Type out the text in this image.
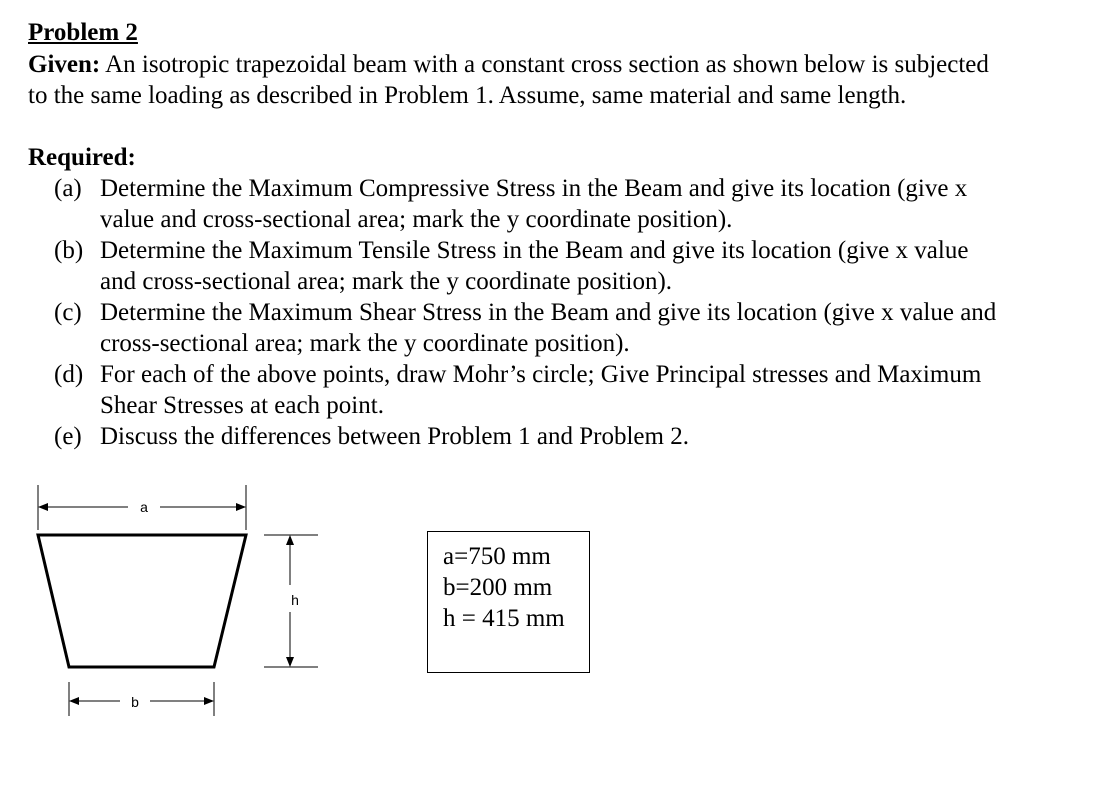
Problem 2
Given: An isotropic trapezoidal beam with a constant cross section as shown below is subjected
to the same loading as described in Problem 1. Assume, same material and same length.
Required:
(a) Determine the Maximum Compressive Stress in the Beam and give its location (give x
value and cross-sectional area; mark the y coordinate position).
(b) Determine the Maximum Tensile Stress in the Beam and give its location (give x value
and cross-sectional area; mark the y coordinate position).
(c) Determine the Maximum Shear Stress in the Beam and give its location (give x value and
cross-sectional area; mark the y coordinate position).
(d) For each of the above points, draw Mohr’s circle; Give Principal stresses and Maximum
Shear Stresses at each point.
(e) Discuss the differences between Problem 1 and Problem 2.
a
h
b
a=750 mm
b=200 mm
h = 415 mm
